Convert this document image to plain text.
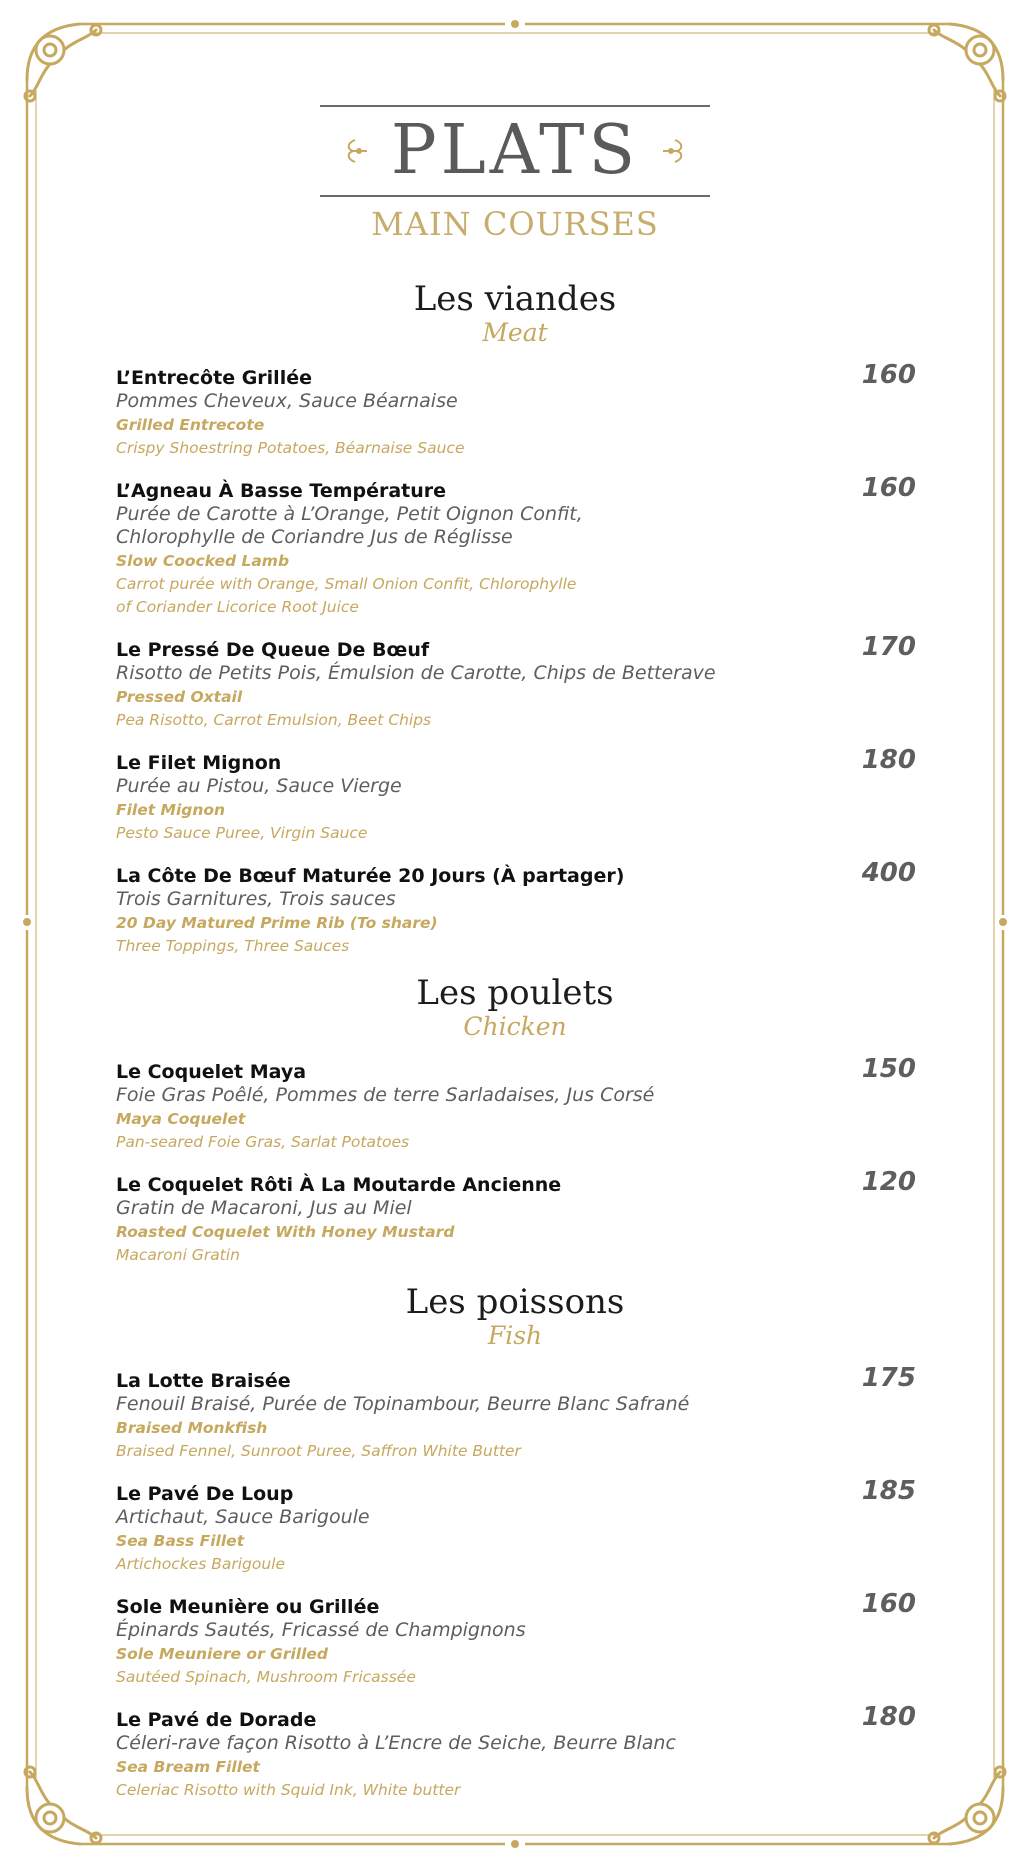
PLATS
MAIN COURSES
Les viandes
Meat
L’Entrecôte Grillée
Pommes Cheveux, Sauce Béarnaise
Grilled Entrecote
Crispy Shoestring Potatoes, Béarnaise Sauce
160
L’Agneau À Basse Température
Purée de Carotte à L’Orange, Petit Oignon Confit,
Chlorophylle de Coriandre Jus de Réglisse
Slow Coocked Lamb
Carrot purée with Orange, Small Onion Confit, Chlorophylle
of Coriander Licorice Root Juice
160
Le Pressé De Queue De Bœuf
Risotto de Petits Pois, Émulsion de Carotte, Chips de Betterave
Pressed Oxtail
Pea Risotto, Carrot Emulsion, Beet Chips
170
Le Filet Mignon
Purée au Pistou, Sauce Vierge
Filet Mignon
Pesto Sauce Puree, Virgin Sauce
180
La Côte De Bœuf Maturée 20 Jours (À partager)
Trois Garnitures, Trois sauces
20 Day Matured Prime Rib (To share)
Three Toppings, Three Sauces
400
Les poulets
Chicken
Le Coquelet Maya
Foie Gras Poêlé, Pommes de terre Sarladaises, Jus Corsé
Maya Coquelet
Pan-seared Foie Gras, Sarlat Potatoes
150
Le Coquelet Rôti À La Moutarde Ancienne
Gratin de Macaroni, Jus au Miel
Roasted Coquelet With Honey Mustard
Macaroni Gratin
120
Les poissons
Fish
La Lotte Braisée
Fenouil Braisé, Purée de Topinambour, Beurre Blanc Safrané
Braised Monkfish
Braised Fennel, Sunroot Puree, Saffron White Butter
175
Le Pavé De Loup
Artichaut, Sauce Barigoule
Sea Bass Fillet
Artichockes Barigoule
185
Sole Meunière ou Grillée
Épinards Sautés, Fricassé de Champignons
Sole Meuniere or Grilled
Sautéed Spinach, Mushroom Fricassée
160
Le Pavé de Dorade
Céleri-rave façon Risotto à L’Encre de Seiche, Beurre Blanc
Sea Bream Fillet
Celeriac Risotto with Squid Ink, White butter
180
